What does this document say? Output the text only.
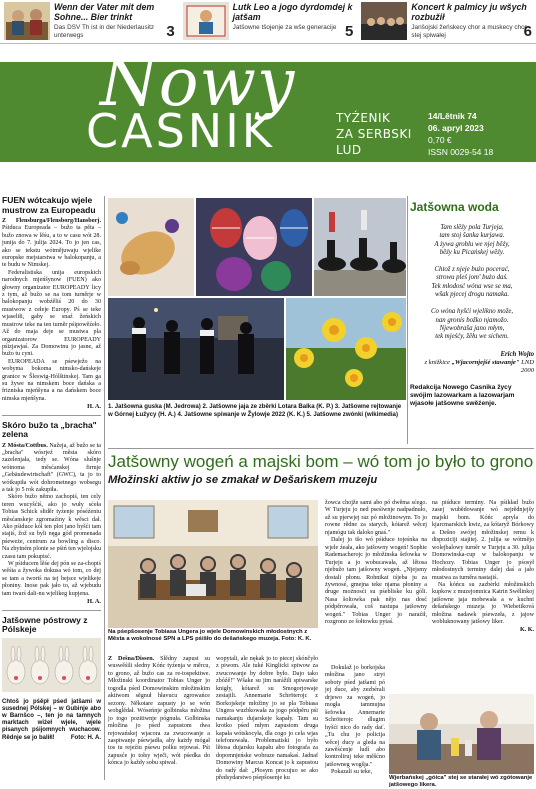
Wenn der Vater mit dem Sohne... Bier trinkt
Das DSV Th ist in der Niederlausitz unterwegs	3
Lutk Leo a jogo dyrdomdej k jatšam
Jatšowne tšojenje za wše generacije 5
Koncert k palmicy ju wšych rozbužił
Janšojski žeńskecy chor a muskecy chor stej spiwałej	6
Nowy
CASNIK	TYŹENIK
ZA SERBSKI
LUD
14/Lětnik 74
06. apryl 2023
0,70 €
ISSN 0029-54 18
FUEN wótcakujo wjele mustrow za Europeadu

Z Flensburga/Flensborg/Hansborj. Pśiduca Europeada – bužo ta pěta – bužo znowa w lěśu, a to w casu wót 28. junija do 7. julija 2024. To jo jen cas, ako se tekstu wótmějuwaju wjelike europske mejstarstwa w balokopanju, a te budu w Nimskej.

Federalistiska unija europskich narodnych mjeńšynow (FUEN) ako głowny organizator EUROPEADY licy z tym, až bužo se na tom turněrje w balokopanju wobźěliś 20 do 30 mustwow z cełeje Europy. Pś se teke wjaseliłi, gaby se snaź žeńskich mustrow teke na ten turněr pśipowěźeło. Až do maja deje se mustwa pla organizatorow EUROPEADY pśizjawjaś. Za Domowinu jo jasne, až bužo tu cyni.

EUROPEADA se pśewježo na wobyma bokoma nimsko-dańskeje granice w Šleswig-Hólštinskej. Tam ga su žywe na nimskem boce dańska a frizniska mjeńšyna a na dańskem boce nimska mjeńšyna.

H. A.

Skóro bužo ta „bracha" zelena

Z Mósta/Cottbus. Nažeja, až bužo se ta „bracha" wósrjeź města skóro zazelenjała, tedy se. Wóna slušnje wótnoma měsćanskej firmje „Gebäudewirtschaft" (GWC), ta jo to wótkupiła wót dohrometnego wobsegu a tak jo 5 rok zakupiła.

Skóro bužo němo zachopiś, ten cely teren wucyšćiś, ako jo wuły sćeła Tobias Schick słiděr tyźenje póséźeniu měsćanskeje zgromaźiny k wěsci dał. Ako pśiduce kól ten plot jano hyšći tam stajiś, žož su byli nęga gód promenada pśeweże, centrum za bowling a disco. Na zbytném plonie se pśiń ten wjelojsku czasu tam pokupisć.

W pśiducem lěśe dej pón se za-chopiś wěśta a žywoka dokusa wó tom, co dej se tam a tworiś na tej bejsce wjelikeje płoniny. Inose pak jało to, až wjebudu tam twarś dali-nu wjelikeg kupjena.

H. A.

Jatšowne póstrowy z Pólskeje

Chtoš jo pśěpł pśed jatšami w susednej Pólskej – w Gubinje abo w Barnšco –, ten jo na tamnych marktach wiźeł wjele, wjele pisanych pśijomnych wuchacow. Rědnje se jo baliłl!	Foto: H. A.

1. Jatšowna guska (M. Jedrowa) 2. Jatšowne jaja ze zběrki Lotara Balka (K. P.) 3. Jatšowne rejtowanje w Górnej Łužycy (H. A.) 4. Jatšowne spiwanje w Žylowje 2022 (K. K.) 5. Jatšowne zwónki (wikimedia)
Jatšowna woda
Tam slěźy pola Turjeja,
tam stoj šanka kurjawa.
A żywa groblu we njej běźy,
běźy ku Picańskej wěźy.
Chtož z njeje bużo pocerać,
strowu pleś jom' bużo daś.
Tek młodosć wóna wse se ma,
wšak pjecej drogu namaka.
Co wóna hyšći wjelikno može,
nan gronis božko njamožo.
Njewobraša jano młym,
tek mjeśćy, žěłu we sichem.
Erich Wojto
z knižkice „Wjacornjejšé stawanje" LND 2000
Redakcija Nowego Casnika žycy swójim lazowarkam a lazowarjam wjasołe jatšowne swěźenje.
Jatšowny wogeń a majski bom – wó tom jo było to grono
Młožinski aktiw jo se zmakał w Dešańskem muzeju
Na pśepšosenje Tobiasa Ungera jo wjele Domowinskich młodostnych z Města a wokolnosé SPN a LPS pśišło do dešańskego muzeja. Foto: K. K.

Z Dešna/Dissen. Slědny zapust su wuswěśili sledny Kóńc tyźenja w měrcu, to grono, až bužo cas za re-tospektiwe. Młožinski koordinator Tobias Unger jo togodla pśed Domowinskim młožinskim aktiwom sěgnuł hłavucu zgrowańce sezony. Někotare zapusty jo se wón wobglědał. Wóseńnje golbinska młožina jo togo pozitiwnje pógnuła. Golbinska młožina jo pśed zapustom dwa rejowańskej wjacora za zwucowanje a zaspiwanje pśewjadła, aby każdy mógał tos tu rejeźiu pśewu polku rejowaś. Pśi zapusće jo tołsy wječi, wót pśedka do kónca jo každy sobu spiwał.

wopytali, ale nękak jo to piecej skónčyło z piwom. Ale tuké Kinglicki spiwow za zwucowanje by dobre było. Dajo tako zbóźě!" Wšake su jim narážili spiwarske knigły, kótarež su Smogorjowaje zestajili. Annemarie Schröterojc z Borkojskeje młožiny jo se pla Tobiasa Ungera wuzbkowała za jogo pódpěru pśi namakanju dujarskeje kapały. Tam su krotko pśed młym zapustom druga kapała wótskocyła, dla cogo jo cela wjas telefonowała. Problematiski jo było lětosa dujarsku kapału abo fotografa za dopomnjeńske wobraze namakaś. Jadnaf Domowiny Marcus Koncat jo k zapustou do radý dał: „Płosym procujuo se ako předsydarstwo pśepšosenje ku

žowca chojže sami abo pó dwěma sćego. W Turjeju jo ned pseśiwnje nadpadnuło, až su pjerwjej raz pó młožinowym. To jo rowne rědne za starych, kótarež wěcej njamógu tak daloko gnaś."

Dalej jo tšo wó pśiduce tojeśnka na wjele źeała, ako jatšowny wogeń! Sophie Rademacherojc jo młožinska šefowka w Turjeju a jo wobucawała, až lětosa njebužo tam jatšowny wogeń. „Njejsmy dostali płonu. Rohnikat tśjeba ju za żywnosé, gmejna teke njama płoniny a druge możnosći su pśebliske ku góli. Nasa šoltowka pak nějo nas dosć pódpěrowała, coš nastupa jatšowny wogeń." Tobias Unger jo naraźił, rozgrono ze šołtowku pytaś.

Dokulaž jo borkojska młožina jano stryi soboty pśed jatšami pó jej duce, aby zezbérali drjewo za wogeń, jo mogła tammujna šefowka Annemarie Schröterojc dlugim hyšći nico do rady dať. „Tu chu jo policija wěcej ducy a gleda na zawěśćenje ludí abo kontroliruj teke měšćno jatšowneg wogšja."

Pokazali su teke,

na piśduce terminy. Na pśikład bužo zasej wubědowanje wó nejrědnjejšy majski bom. Kóńc apryla do kjarcmarskich kwiz, za kótaryž Bórkowy a Dešno swójej młožinskej remu k dispoziciji stajitej. 2. julija se wótmějo wolejbalowy turněr w Turjeju a 30. julija Domowinska-cup w balokopanju w Hochozy. Tobias Unger jo pśosył młodostnych terminy dalej daś a jało mustwa za turněra nastajiś.

Na kóńcu su zazbėrki młožinskich kupkow z muzejomnica Katrin Swělinkoj jatšowne jaja mobewała a w kuchni dešańskego muzeja jo Wiebetiková młožina nadawk pśewzeła, z jajow wobluknowany jatšowy liker.

K. K.

Wjerbańskej „góica" stej se starałej wó zgótowanje jatšowego likera.
